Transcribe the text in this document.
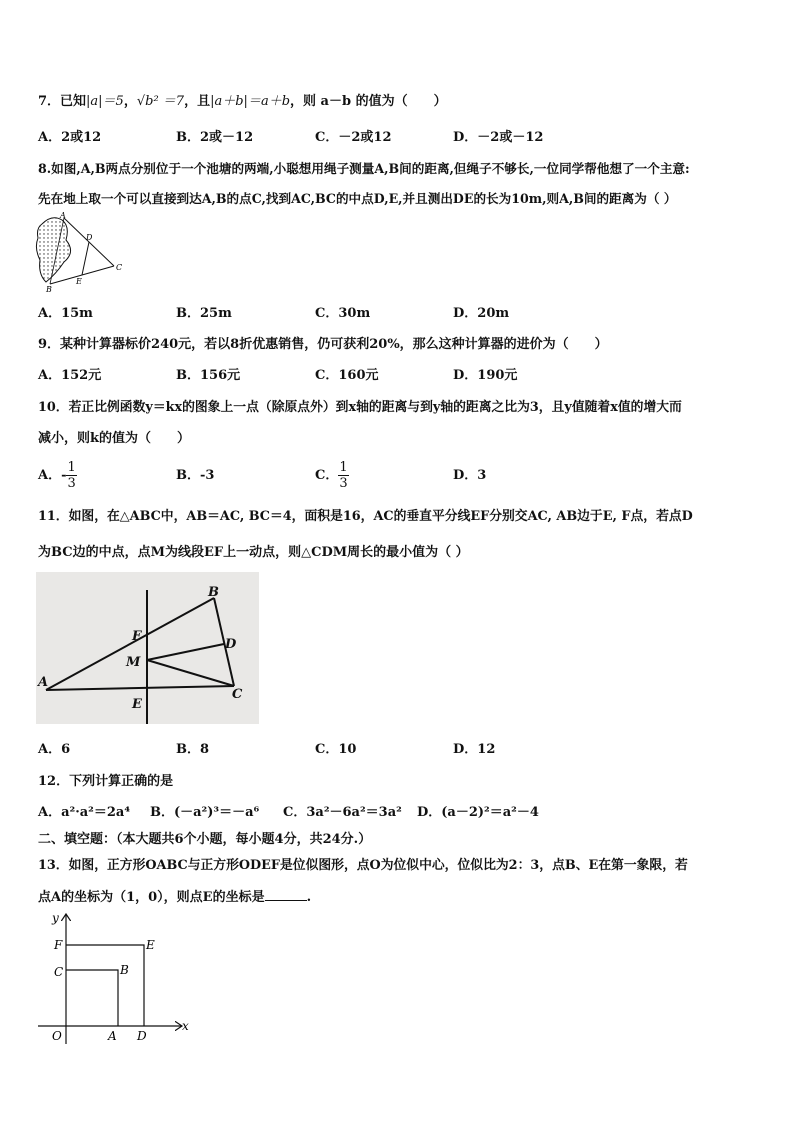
7．已知|a|＝5，√b² ＝7，且|a＋b|＝a＋b，则 a－b 的值为（　　）
A．2或12	B．2或－12	C．－2或12	D．－2或－12
8.如图,A,B两点分别位于一个池塘的两端,小聪想用绳子测量A,B间的距离,但绳子不够长,一位同学帮他想了一个主意:
先在地上取一个可以直接到达A,B的点C,找到AC,BC的中点D,E,并且测出DE的长为10m,则A,B间的距离为（ ）
A
D
C
E
B
A．15m	B．25m	C．30m	D．20m
9．某种计算器标价240元，若以8折优惠销售，仍可获利20%，那么这种计算器的进价为（　　）
A．152元	B．156元	C．160元	D．190元
10．若正比例函数y＝kx的图象上一点（除原点外）到x轴的距离与到y轴的距离之比为3，且y值随着x值的增大而
减小，则k的值为（　　）
A．- $\frac{1}{3}$	B．-3	C． $\frac{1}{3}$	D．3
11．如图，在△ABC中，AB＝AC, BC＝4，面积是16，AC的垂直平分线EF分别交AC, AB边于E, F点，若点D
为BC边的中点，点M为线段EF上一动点，则△CDM周长的最小值为（ ）
B
F
M
D
A
C
E
A．6	B．8	C．10	D．12
12．下列计算正确的是
A．a²·a²＝2a⁴ B．(－a²)³＝－a⁶ C．3a²－6a²＝3a² D．(a－2)²＝a²－4
二、填空题：（本大题共6个小题，每小题4分，共24分.）
13．如图，正方形OABC与正方形ODEF是位似图形，点O为位似中心，位似比为2：3，点B、E在第一象限，若
点A的坐标为（1，0），则点E的坐标是	.
y
x
F	E
C	B
O	A D
